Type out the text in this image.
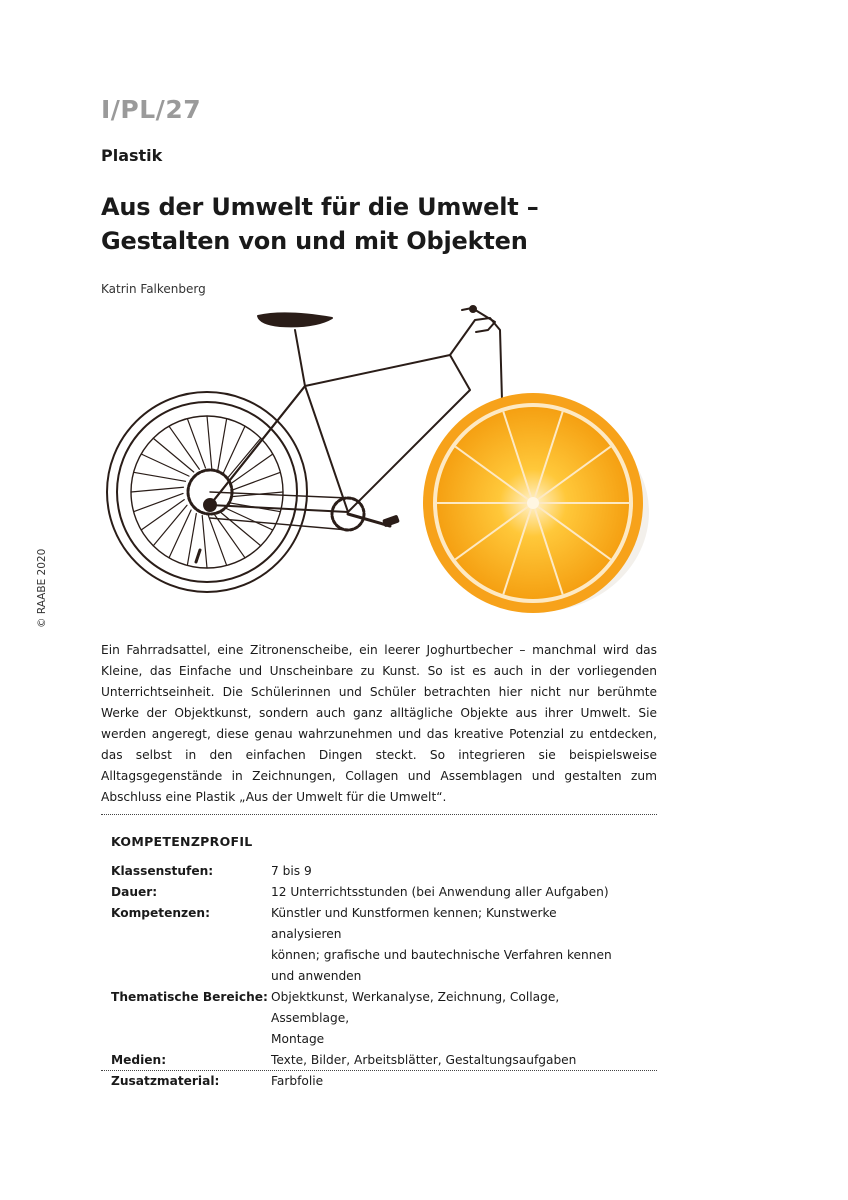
I/PL/27
Plastik
Aus der Umwelt für die Umwelt –
Gestalten von und mit Objekten
Katrin Falkenberg
© RAABE 2020
Ein Fahrradsattel, eine Zitronenscheibe, ein leerer Joghurtbecher – manchmal wird das Kleine, das Einfache und Unscheinbare zu Kunst. So ist es auch in der vorliegenden Unterrichtseinheit. Die Schülerinnen und Schüler betrachten hier nicht nur berühmte Werke der Objektkunst, sondern auch ganz alltägliche Objekte aus ihrer Umwelt. Sie werden angeregt, diese genau wahrzunehmen und das kreative Potenzial zu entdecken, das selbst in den einfachen Dingen steckt. So integrieren sie beispielsweise Alltagsgegenstände in Zeichnungen, Collagen und Assemblagen und gestalten zum Abschluss eine Plastik „Aus der Umwelt für die Umwelt“.
KOMPETENZPROFIL
Klassenstufen:	7 bis 9
Dauer:	12 Unterrichtsstunden (bei Anwendung aller Aufgaben)
Kompetenzen:	Künstler und Kunstformen kennen; Kunstwerke analysieren
können; grafische und bautechnische Verfahren kennen
und anwenden
Thematische Bereiche: Objektkunst, Werkanalyse, Zeichnung, Collage, Assemblage,
Montage
Medien:	Texte, Bilder, Arbeitsblätter, Gestaltungsaufgaben
Zusatzmaterial:	Farbfolie
